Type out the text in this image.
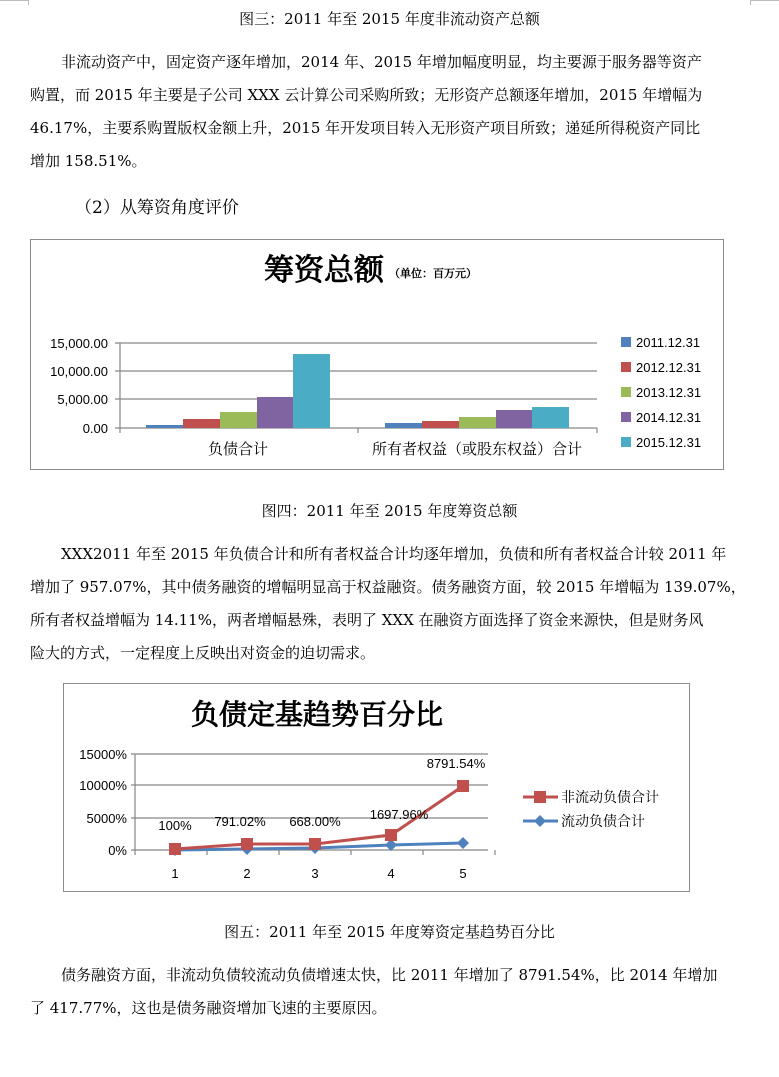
图三：2011 年至 2015 年度非流动资产总额
非流动资产中，固定资产逐年增加，2014 年、2015 年增加幅度明显，均主要源于服务器等资产
购置，而 2015 年主要是子公司 XXX 云计算公司采购所致；无形资产总额逐年增加，2015 年增幅为
46.17%，主要系购置版权金额上升，2015 年开发项目转入无形资产项目所致；递延所得税资产同比
增加 158.51%。
（2）从筹资角度评价
筹资总额 （单位：百万元）
15,000.00
10,000.00
5,000.00
0.00
负债合计	所有者权益（或股东权益）合计
2011.12.31
2012.12.31
2013.12.31
2014.12.31
2015.12.31
图四：2011 年至 2015 年度筹资总额
XXX2011 年至 2015 年负债合计和所有者权益合计均逐年增加，负债和所有者权益合计较 2011 年
增加了 957.07%，其中债务融资的增幅明显高于权益融资。债务融资方面，较 2015 年增幅为 139.07%，
所有者权益增幅为 14.11%，两者增幅悬殊，表明了 XXX 在融资方面选择了资金来源快，但是财务风
险大的方式，一定程度上反映出对资金的迫切需求。
负债定基趋势百分比
15000%
10000%
5000%
0%
1	2	3	4	5
100% 791.02% 668.00% 1697.96%
8791.54%
非流动负债合计
流动负债合计
图五：2011 年至 2015 年度筹资定基趋势百分比
债务融资方面，非流动负债较流动负债增速太快，比 2011 年增加了 8791.54%，比 2014 年增加
了 417.77%，这也是债务融资增加飞速的主要原因。
